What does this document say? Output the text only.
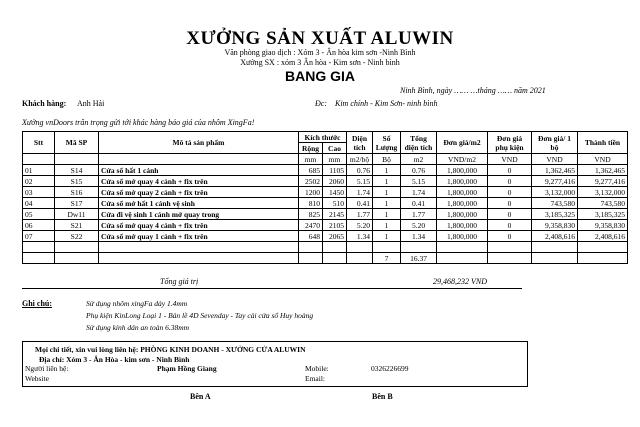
XƯỞNG SẢN XUẤT ALUWIN
Văn phòng giao dịch : Xóm 3 - Ân hòa kim sơn -Ninh Bình
Xưởng SX : xóm 3 Ân hòa - Kim sơn - Ninh bình
BANG GIA
Ninh Bình, ngày …… …tháng …… năm 2021
Khách hàng: Anh Hải	Đc: Kim chính - Kim Sơn- ninh bình
Xưởng vnDoors trân trọng gửi tới khác hàng báo giá của nhôm XingFa!
Stt	Mã SP	Mô tả sản phẩm	Kích thước		Diện tích	Số Lượng	Tổng diện tích	Đơn giá/m2	Đơn giá phụ kiện	Đơn giá/ 1 bộ	Thành tiền
			Rộng	Cao							
			mm	mm	m2/bộ	Bộ	m2	VND/m2	VND	VND	VND
01	S14	Cửa sổ hất 1 cánh	685	1105	0.76	1	0.76	1,800,000	0	1,362,465	1,362,465
02	S15	Cửa sổ mở quay 4 cánh + fix trên	2502	2060	5.15	1	5.15	1,800,000	0	9,277,416	9,277,416
03	S16	Cửa sổ mở quay 2 cánh + fix trên	1200	1450	1.74	1	1.74	1,800,000	0	3,132,000	3,132,000
04	S17	Cửa sổ mở hất 1 cánh vệ sinh	810	510	0.41	1	0.41	1,800,000	0	743,580	743,580
05	Dw11	Cửa đi vệ sinh 1 cánh mở quay trong	825	2145	1.77	1	1.77	1,800,000	0	3,185,325	3,185,325
06	S21	Cửa sổ mở quay 4 cánh + fix trên	2470	2105	5.20	1	5.20	1,800,000	0	9,358,830	9,358,830
07	S22	Cửa sổ mở quay 1 cánh + fix trên	648	2065	1.34	1	1.34	1,800,000	0	2,408,616	2,408,616

						7	16.37				
Tổng giá trị	29,468,232 VND
Ghi chú:	Sử dụng nhôm xingFa dày 1.4mm
Phụ kiện KinLong Loại 1 - Bản lề 4D Sevenday - Tay cài cửa sổ Huy hoàng
Sử dụng kính dán an toàn 6.38mm
Mọi chi tiết, xin vui lòng liên hệ: PHÒNG KINH DOANH - XƯỞNG CỬA ALUWIN
Địa chỉ: Xóm 3 - Ân Hòa - kim sơn - Ninh Bình
Người liên hệ:	Phạm Hồng Giang	Mobile:	0326226699
Website	Email:
Bên A	Bên B
